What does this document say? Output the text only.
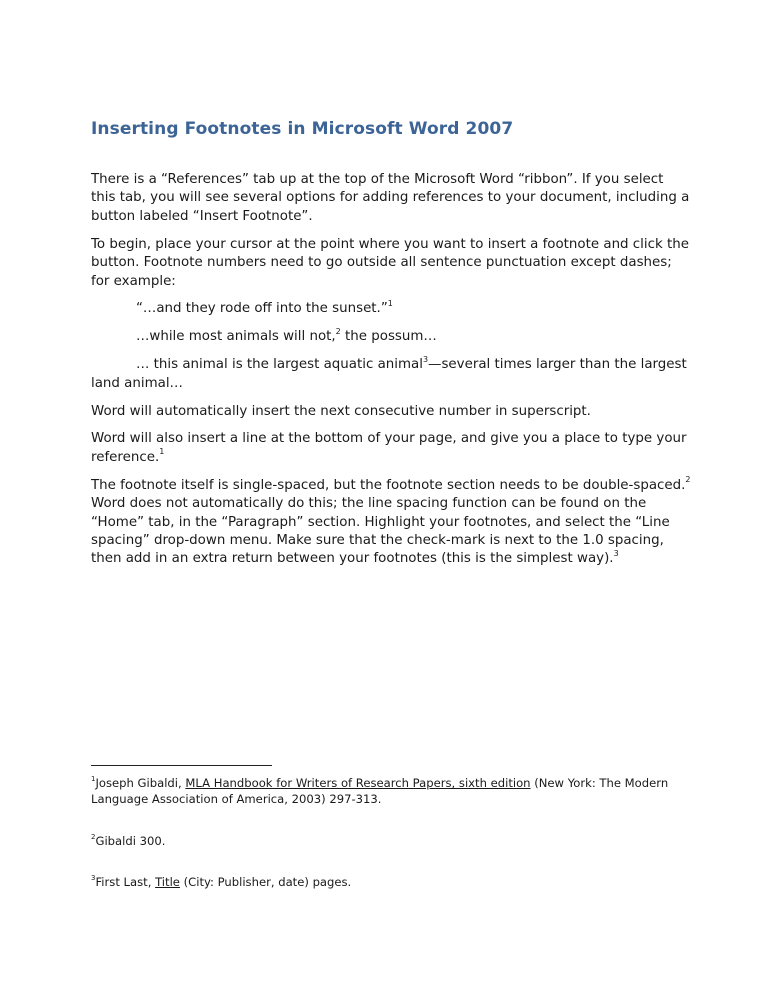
Inserting Footnotes in Microsoft Word 2007

There is a “References” tab up at the top of the Microsoft Word “ribbon”. If you select this tab, you will see several options for adding references to your document, including a button labeled “Insert Footnote”.

To begin, place your cursor at the point where you want to insert a footnote and click the button. Footnote numbers need to go outside all sentence punctuation except dashes; for example:

“…and they rode off into the sunset.”$^1$

…while most animals will not,$^2$ the possum…

… this animal is the largest aquatic animal$^3$—several times larger than the largest land animal…

Word will automatically insert the next consecutive number in superscript.

Word will also insert a line at the bottom of your page, and give you a place to type your reference.$^1$

The footnote itself is single-spaced, but the footnote section needs to be double-spaced.$^2$ Word does not automatically do this; the line spacing function can be found on the “Home” tab, in the “Paragraph” section. Highlight your footnotes, and select the “Line spacing” drop-down menu. Make sure that the check-mark is next to the 1.0 spacing, then add in an extra return between your footnotes (this is the simplest way).$^3$

$^1$Joseph Gibaldi, MLA Handbook for Writers of Research Papers, sixth edition (New York: The Modern Language Association of America, 2003) 297-313.

$^2$Gibaldi 300.

$^3$First Last, Title (City: Publisher, date) pages.
